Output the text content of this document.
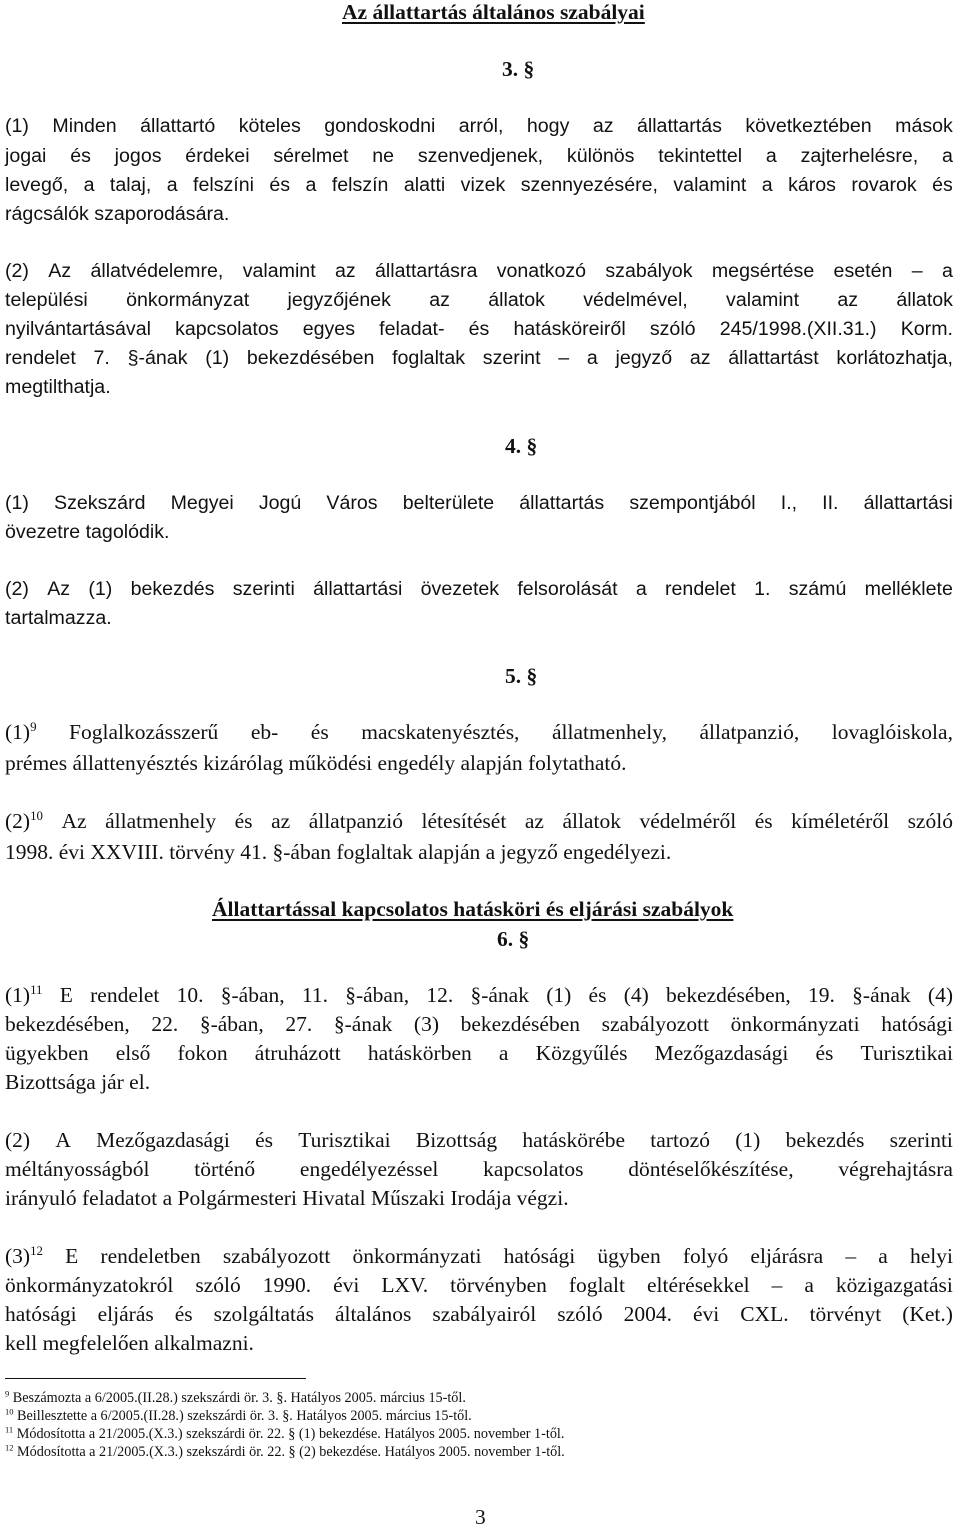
Az állattartás általános szabályai
3. §
(1) Minden állattartó köteles gondoskodni arról, hogy az állattartás következtében mások
jogai és jogos érdekei sérelmet ne szenvedjenek, különös tekintettel a zajterhelésre, a
levegő, a talaj, a felszíni és a felszín alatti vizek szennyezésére, valamint a káros rovarok és
rágcsálók szaporodására.
(2) Az állatvédelemre, valamint az állattartásra vonatkozó szabályok megsértése esetén – a
települési önkormányzat jegyzőjének az állatok védelmével, valamint az állatok
nyilvántartásával kapcsolatos egyes feladat- és hatásköreiről szóló 245/1998.(XII.31.) Korm.
rendelet 7. §-ának (1) bekezdésében foglaltak szerint – a jegyző az állattartást korlátozhatja,
megtilthatja.
4. §
(1) Szekszárd Megyei Jogú Város belterülete állattartás szempontjából I., II. állattartási
övezetre tagolódik.
(2) Az (1) bekezdés szerinti állattartási övezetek felsorolását a rendelet 1. számú melléklete
tartalmazza.
5. §
$(1)^9$ Foglalkozásszerű eb- és macskatenyésztés, állatmenhely, állatpanzió, lovaglóiskola,
prémes állattenyésztés kizárólag működési engedély alapján folytatható.
$(2)^{10}$ Az állatmenhely és az állatpanzió létesítését az állatok védelméről és kíméletéről szóló
1998. évi XXVIII. törvény 41. §-ában foglaltak alapján a jegyző engedélyezi.
Állattartással kapcsolatos hatásköri és eljárási szabályok
6. §
$(1)^{11}$ E rendelet 10. §-ában, 11. §-ában, 12. §-ának (1) és (4) bekezdésében, 19. §-ának (4)
bekezdésében, 22. §-ában, 27. §-ának (3) bekezdésében szabályozott önkormányzati hatósági
ügyekben első fokon átruházott hatáskörben a Közgyűlés Mezőgazdasági és Turisztikai
Bizottsága jár el.
(2) A Mezőgazdasági és Turisztikai Bizottság hatáskörébe tartozó (1) bekezdés szerinti
méltányosságból történő engedélyezéssel kapcsolatos döntéselőkészítése, végrehajtásra
irányuló feladatot a Polgármesteri Hivatal Műszaki Irodája végzi.
$(3)^{12}$ E rendeletben szabályozott önkormányzati hatósági ügyben folyó eljárásra – a helyi
önkormányzatokról szóló 1990. évi LXV. törvényben foglalt eltérésekkel – a közigazgatási
hatósági eljárás és szolgáltatás általános szabályairól szóló 2004. évi CXL. törvényt (Ket.)
kell megfelelően alkalmazni.
$^9$ Beszámozta a 6/2005.(II.28.) szekszárdi ör. 3. §. Hatályos 2005. március 15-től.
$^{10}$ Beillesztette a 6/2005.(II.28.) szekszárdi ör. 3. §. Hatályos 2005. március 15-től.
$^{11}$ Módosította a 21/2005.(X.3.) szekszárdi ör. 22. § (1) bekezdése. Hatályos 2005. november 1-től.
$^{12}$ Módosította a 21/2005.(X.3.) szekszárdi ör. 22. § (2) bekezdése. Hatályos 2005. november 1-től.
3
